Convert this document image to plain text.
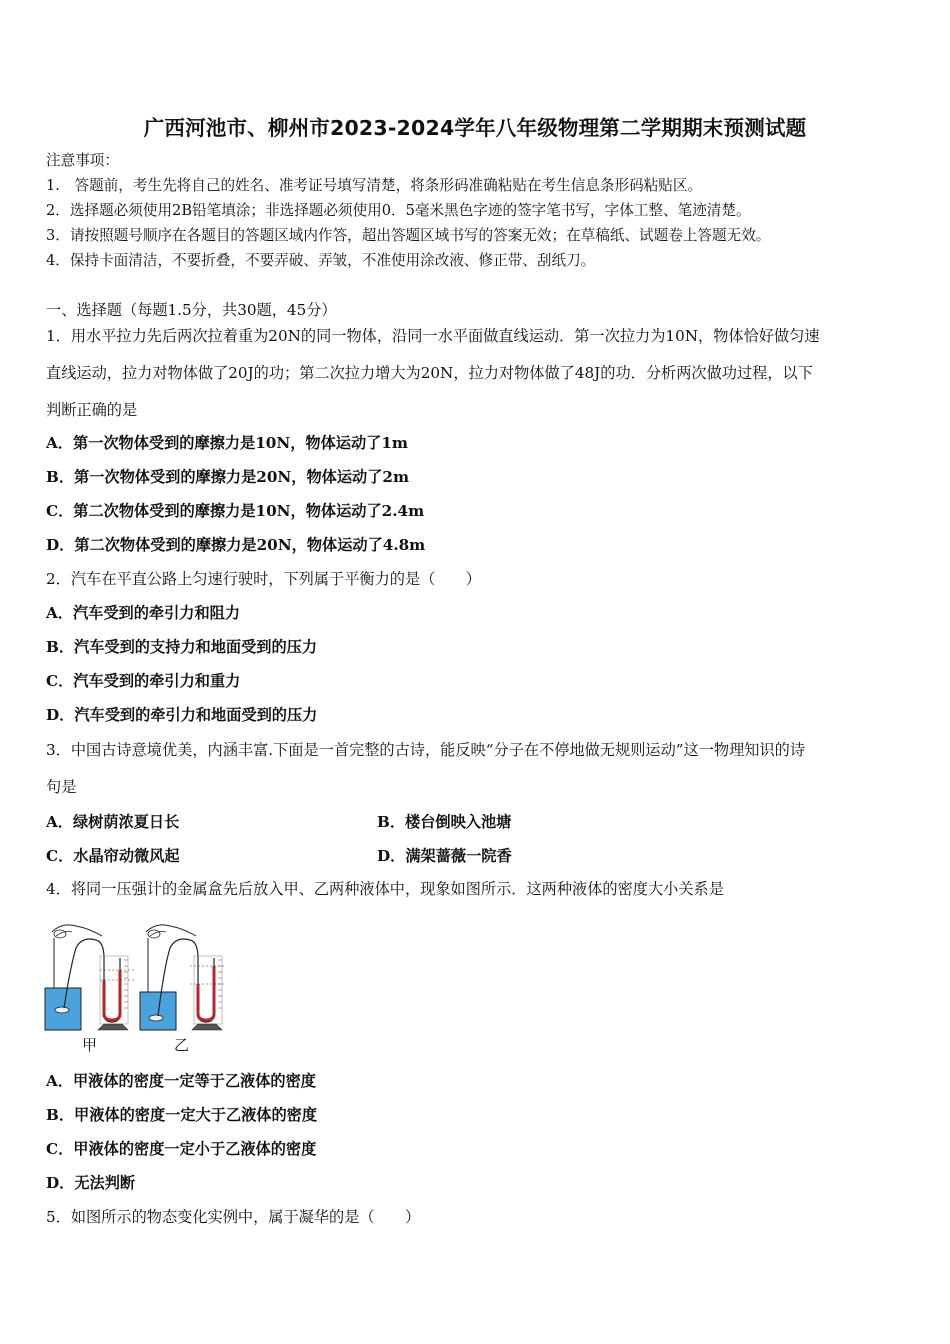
广西河池市、柳州市2023-2024学年八年级物理第二学期期末预测试题
注意事项：
1.　答题前，考生先将自己的姓名、准考证号填写清楚，将条形码准确粘贴在考生信息条形码粘贴区。
2．选择题必须使用2B铅笔填涂；非选择题必须使用0．5毫米黑色字迹的签字笔书写，字体工整、笔迹清楚。
3．请按照题号顺序在各题目的答题区域内作答，超出答题区域书写的答案无效；在草稿纸、试题卷上答题无效。
4．保持卡面清洁，不要折叠，不要弄破、弄皱，不准使用涂改液、修正带、刮纸刀。
一、选择题（每题1.5分，共30题，45分）
1．用水平拉力先后两次拉着重为20N的同一物体，沿同一水平面做直线运动．第一次拉力为10N，物体恰好做匀速
直线运动，拉力对物体做了20J的功；第二次拉力增大为20N，拉力对物体做了48J的功．分析两次做功过程，以下
判断正确的是
A．第一次物体受到的摩擦力是10N，物体运动了1m
B．第一次物体受到的摩擦力是20N，物体运动了2m
C．第二次物体受到的摩擦力是10N，物体运动了2.4m
D．第二次物体受到的摩擦力是20N，物体运动了4.8m
2．汽车在平直公路上匀速行驶时，下列属于平衡力的是（　　）
A．汽车受到的牵引力和阻力
B．汽车受到的支持力和地面受到的压力
C．汽车受到的牵引力和重力
D．汽车受到的牵引力和地面受到的压力
3．中国古诗意境优美，内涵丰富.下面是一首完整的古诗，能反映“分子在不停地做无规则运动”这一物理知识的诗
句是
A．绿树荫浓夏日长	B．楼台倒映入池塘
C．水晶帘动微风起	D．满架蔷薇一院香
4．将同一压强计的金属盒先后放入甲、乙两种液体中，现象如图所示．这两种液体的密度大小关系是
甲	乙
A．甲液体的密度一定等于乙液体的密度
B．甲液体的密度一定大于乙液体的密度
C．甲液体的密度一定小于乙液体的密度
D．无法判断
5．如图所示的物态变化实例中，属于凝华的是（　　）
